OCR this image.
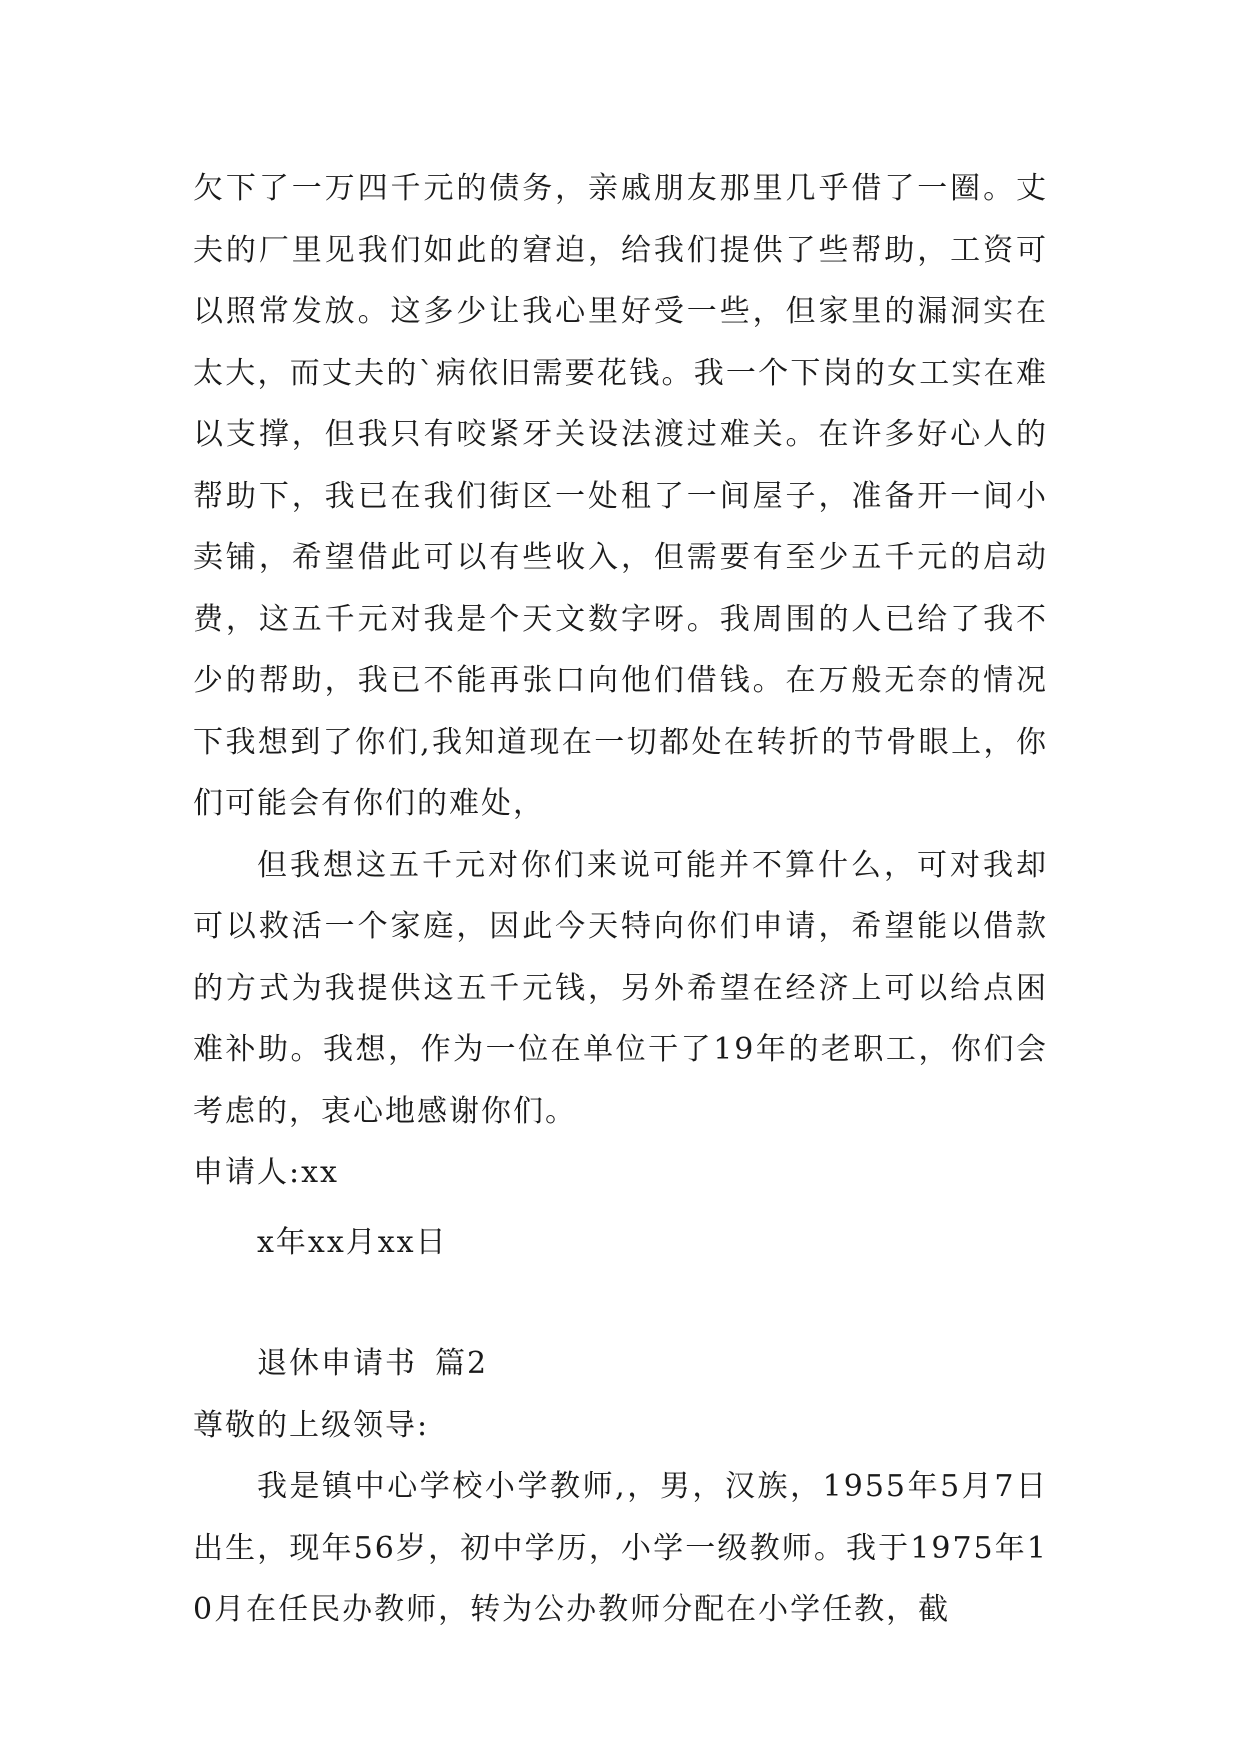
欠下了一万四千元的债务，亲戚朋友那里几乎借了一圈。丈夫的厂里见我们如此的窘迫，给我们提供了些帮助，工资可以照常发放。这多少让我心里好受一些，但家里的漏洞实在太大，而丈夫的`病依旧需要花钱。我一个下岗的女工实在难以支撑，但我只有咬紧牙关设法渡过难关。在许多好心人的帮助下，我已在我们街区一处租了一间屋子，准备开一间小卖铺，希望借此可以有些收入，但需要有至少五千元的启动费，这五千元对我是个天文数字呀。我周围的人已给了我不少的帮助，我已不能再张口向他们借钱。在万般无奈的情况下我想到了你们,我知道现在一切都处在转折的节骨眼上，你们可能会有你们的难处，

但我想这五千元对你们来说可能并不算什么，可对我却可以救活一个家庭，因此今天特向你们申请，希望能以借款的方式为我提供这五千元钱，另外希望在经济上可以给点困难补助。我想，作为一位在单位干了19年的老职工，你们会考虑的，衷心地感谢你们。

申请人:xx

x年xx月xx日

退休申请书 篇2

尊敬的上级领导:

我是镇中心学校小学教师,，男，汉族，1955年5月7日出生，现年56岁，初中学历，小学一级教师。我于1975年10月在任民办教师，转为公办教师分配在小学任教，截
